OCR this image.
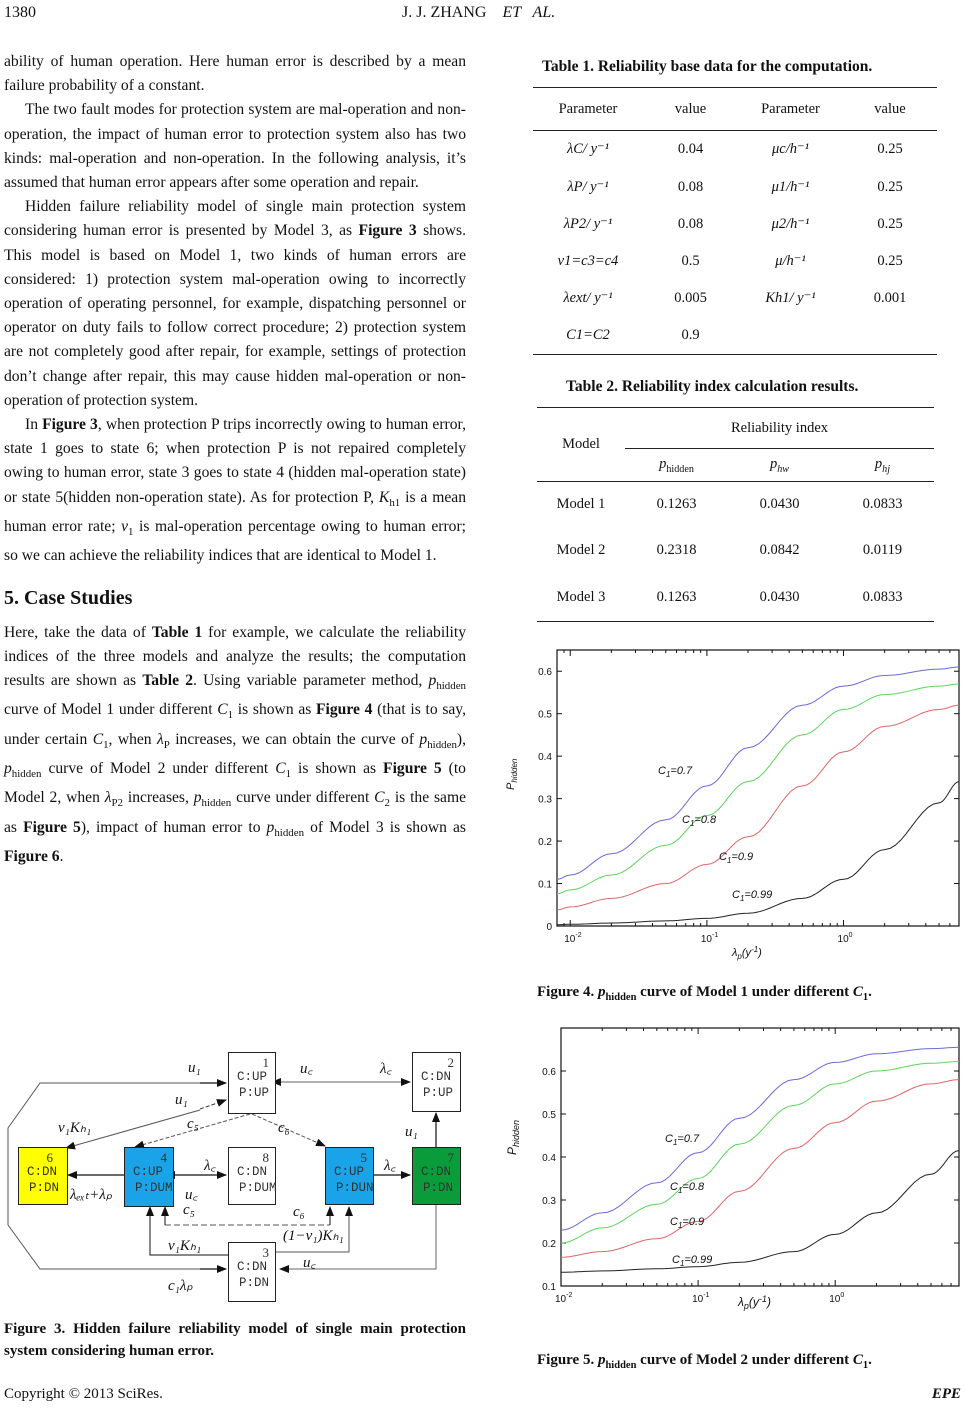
1380	J. J. ZHANG ET   AL.

ability of human operation. Here human error is described by a mean failure probability of a constant.

The two fault modes for protection system are mal-operation and non-operation, the impact of human error to protection system also has two kinds: mal-operation and non-operation. In the following analysis, it’s assumed that human error appears after some operation and repair.

Hidden failure reliability model of single main protection system considering human error is presented by Model 3, as Figure 3 shows. This model is based on Model 1, two kinds of human errors are considered: 1) protection system mal-operation owing to incorrectly operation of operating personnel, for example, dispatching personnel or operator on duty fails to follow correct procedure; 2) protection system are not completely good after repair, for example, settings of protection don’t change after repair, this may cause hidden mal-operation or non-operation of protection system.

In Figure 3, when protection P trips incorrectly owing to human error, state 1 goes to state 6; when protection P is not repaired completely owing to human error, state 3 goes to state 4 (hidden mal-operation state) or state 5(hidden non-operation state). As for protection P, $K_{h1}$ is a mean human error rate; $v_1$ is mal-operation percentage owing to human error; so we can achieve the reliability indices that are identical to Model 1.

5. Case Studies

Here, take the data of Table 1 for example, we calculate the reliability indices of the three models and analyze the results; the computation results are shown as Table 2. Using variable parameter method, $p_{hidden}$ curve of Model 1 under different $C_1$ is shown as Figure 4 (that is to say, under certain $C_1$, when $\lambda_P$ increases, we can obtain the curve of $p_{hidden}$), $p_{hidden}$ curve of Model 2 under different $C_1$ is shown as Figure 5 (to Model 2, when $\lambda_{P2}$ increases, $p_{hidden}$ curve under different $C_2$ is the same as Figure 5), impact of human error to $p_{hidden}$ of Model 3 is shown as Figure 6.

1
C:UP
P:UP
2
C:DN
P:UP
3
C:DN
P:DN
4
C:UP
P:DUM
5
C:UP
P:DUN
6
C:DN
P:DN
7
C:DN
P:DN
8
C:DN
P:DUM
u₁
u₁
u꜀	λ꜀
v₁Kₕ₁	c₅	c₆	u₁
λₑₓₜ+λₚ
λ꜀
u꜀
λ꜀
c₅	c₆
(1−v₁)Kₕ₁
v₁Kₕ₁
u꜀
c₁λₚ
Figure 3. Hidden failure reliability model of single main protection system considering human error.
Table 1. Reliability base data for the computation.
Parameter	value	Parameter	value
λC/ y⁻¹	0.04	μc/h⁻¹	0.25
λP/ y⁻¹	0.08	μ1/h⁻¹	0.25
λP2/ y⁻¹	0.08	μ2/h⁻¹	0.25
v1=c3=c4	0.5	μ/h⁻¹	0.25
λext/ y⁻¹	0.005	Kh1/ y⁻¹	0.001
C1=C2	0.9		
Table 2. Reliability index calculation results.
Model	Reliability index		
	$p_{hidden}$	$p_{hw}$	$p_{hj}$
Model 1	0.1263	0.0430	0.0833
Model 2	0.2318	0.0842	0.0119
Model 3	0.1263	0.0430	0.0833
0
0.1
0.2
0.3
0.4
0.5
0.6
$10^{-2}$	$10^{-1}$	$10^0$
$C_1=0.7$
$C_1=0.8$
$C_1=0.9$
$C_1=0.99$
$P_{hidden}$
$\lambda_p(y^{-1})$
Figure 4. $p_{hidden}$ curve of Model 1 under different $C_1$.
0.1
0.2
0.3
0.4
0.5
0.6
$10^{-2}$	$10^{-1}$	$10^0$
$C_1=0.7$
$C_1=0.8$
$C_1=0.9$
$C_1=0.99$
$P_{hidden}$
$\lambda_p(y^{-1})$
Figure 5. $p_{hidden}$ curve of Model 2 under different $C_1$.
Copyright © 2013 SciRes.	EPE
